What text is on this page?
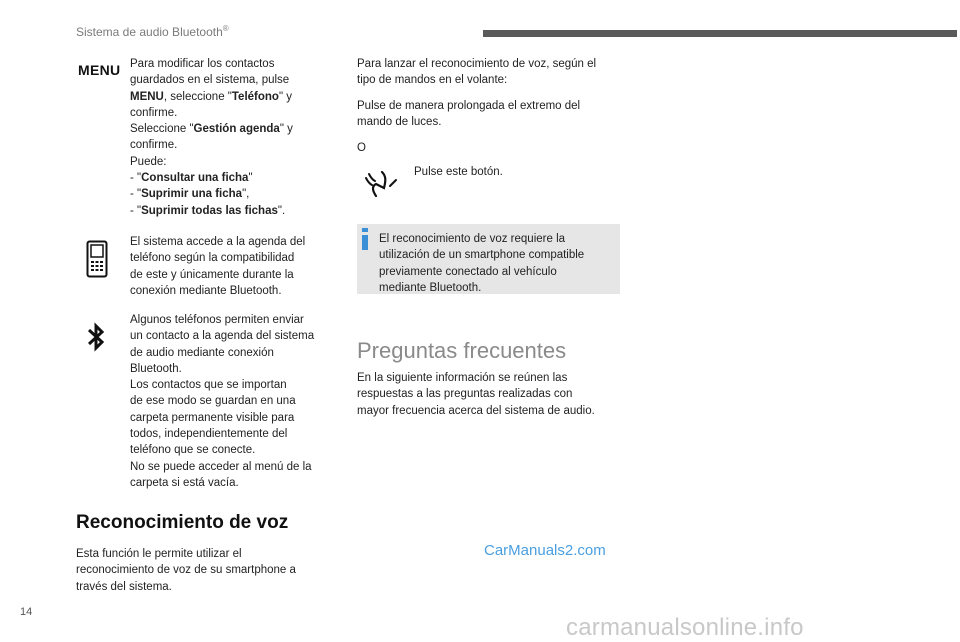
Sistema de audio Bluetooth®
MENU Para modificar los contactos
guardados en el sistema, pulse
MENU, seleccione "Teléfono" y
confirme.
Seleccione "Gestión agenda" y
confirme.
Puede:
- "Consultar una ficha"
- "Suprimir una ficha",
- "Suprimir todas las fichas".
El sistema accede a la agenda del
teléfono según la compatibilidad
de este y únicamente durante la
conexión mediante Bluetooth.
Algunos teléfonos permiten enviar
un contacto a la agenda del sistema
de audio mediante conexión
Bluetooth.
Los contactos que se importan
de ese modo se guardan en una
carpeta permanente visible para
todos, independientemente del
teléfono que se conecte.
No se puede acceder al menú de la
carpeta si está vacía.
Reconocimiento de voz
Esta función le permite utilizar el
reconocimiento de voz de su smartphone a
través del sistema.
Para lanzar el reconocimiento de voz, según el
tipo de mandos en el volante:
Pulse de manera prolongada el extremo del
mando de luces.
O
Pulse este botón.
El reconocimiento de voz requiere la
utilización de un smartphone compatible
previamente conectado al vehículo
mediante Bluetooth.
Preguntas frecuentes
En la siguiente información se reúnen las
respuestas a las preguntas realizadas con
mayor frecuencia acerca del sistema de audio.
CarManuals2.com
carmanualsonline.info
14
